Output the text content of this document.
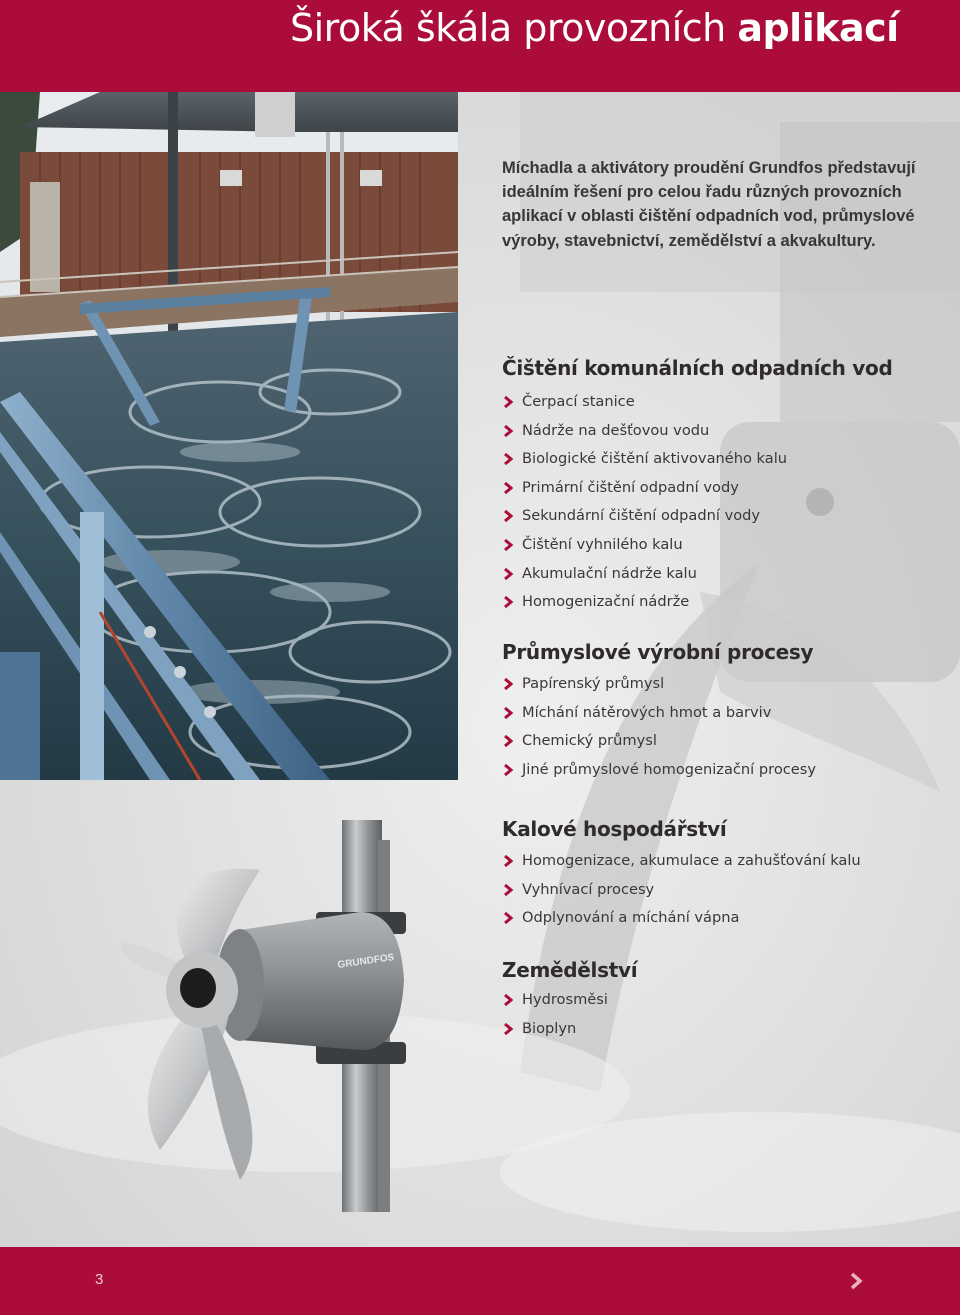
Široká škála provozních aplikací
GRUNDFOS

Míchadla a aktivátory proudění Grundfos představují ideálním řešení pro celou řadu různých provozních aplikací v oblasti čištění odpadních vod, průmyslové výroby, stavebnictví, zemědělství a akvakultury.

Čištění komunálních odpadních vod
Čerpací stanice
Nádrže na dešťovou vodu
Biologické čištění aktivovaného kalu
Primární čištění odpadní vody
Sekundární čištění odpadní vody
Čištění vyhnilého kalu
Akumulační nádrže kalu
Homogenizační nádrže
Průmyslové výrobní procesy
Papírenský průmysl
Míchání nátěrových hmot a barviv
Chemický průmysl
Jiné průmyslové homogenizační procesy
Kalové hospodářství
Homogenizace, akumulace a zahušťování kalu
Vyhnívací procesy
Odplynování a míchání vápna
Zemědělství
Hydrosměsi
Bioplyn
3
